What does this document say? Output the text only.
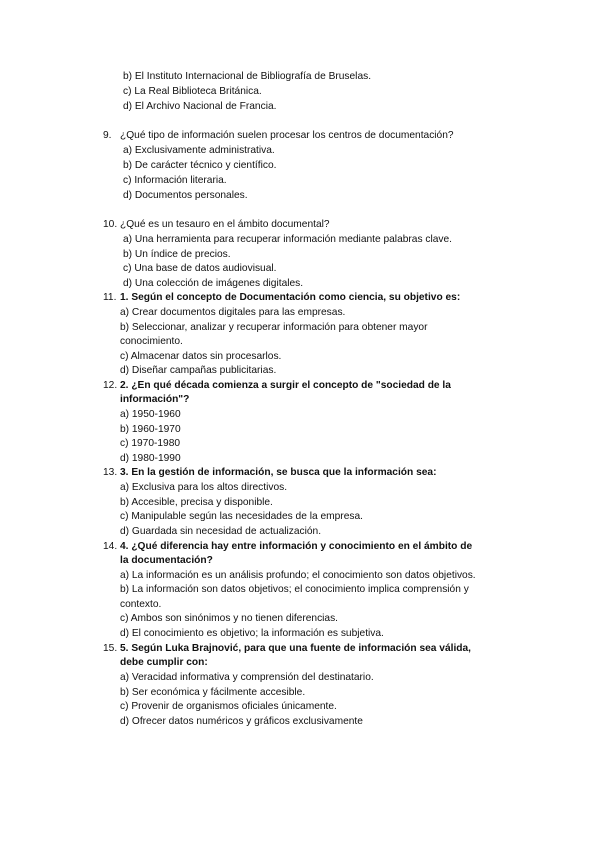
b) El Instituto Internacional de Bibliografía de Bruselas.
c) La Real Biblioteca Británica.
d) El Archivo Nacional de Francia.
9. ¿Qué tipo de información suelen procesar los centros de documentación?
a) Exclusivamente administrativa.
b) De carácter técnico y científico.
c) Información literaria.
d) Documentos personales.
10. ¿Qué es un tesauro en el ámbito documental?
a) Una herramienta para recuperar información mediante palabras clave.
b) Un índice de precios.
c) Una base de datos audiovisual.
d) Una colección de imágenes digitales.
11. 1. Según el concepto de Documentación como ciencia, su objetivo es:
a) Crear documentos digitales para las empresas.
b) Seleccionar, analizar y recuperar información para obtener mayor
conocimiento.
c) Almacenar datos sin procesarlos.
d) Diseñar campañas publicitarias.
12. 2. ¿En qué década comienza a surgir el concepto de "sociedad de la
información"?
a) 1950-1960
b) 1960-1970
c) 1970-1980
d) 1980-1990
13. 3. En la gestión de información, se busca que la información sea:
a) Exclusiva para los altos directivos.
b) Accesible, precisa y disponible.
c) Manipulable según las necesidades de la empresa.
d) Guardada sin necesidad de actualización.
14. 4. ¿Qué diferencia hay entre información y conocimiento en el ámbito de
la documentación?
a) La información es un análisis profundo; el conocimiento son datos objetivos.
b) La información son datos objetivos; el conocimiento implica comprensión y
contexto.
c) Ambos son sinónimos y no tienen diferencias.
d) El conocimiento es objetivo; la información es subjetiva.
15. 5. Según Luka Brajnović, para que una fuente de información sea válida,
debe cumplir con:
a) Veracidad informativa y comprensión del destinatario.
b) Ser económica y fácilmente accesible.
c) Provenir de organismos oficiales únicamente.
d) Ofrecer datos numéricos y gráficos exclusivamente
